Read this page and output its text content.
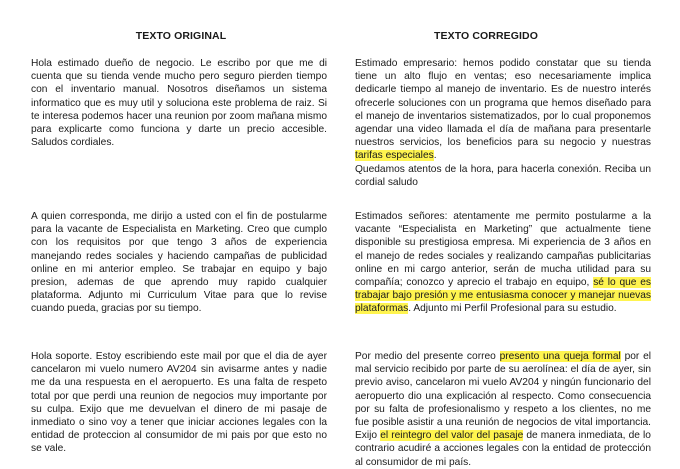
TEXTO ORIGINAL	TEXTO CORREGIDO

Hola estimado dueño de negocio. Le escribo por que me di cuenta que su tienda vende mucho pero seguro pierden tiempo con el inventario manual. Nosotros diseñamos un sistema informatico que es muy util y soluciona este problema de raiz. Si te interesa podemos hacer una reunion por zoom mañana mismo para explicarte como funciona y darte un precio accesible. Saludos cordiales.

Estimado empresario: hemos podido constatar que su tienda tiene un alto flujo en ventas; eso necesariamente implica dedicarle tiempo al manejo de inventario. Es de nuestro interés ofrecerle soluciones con un programa que hemos diseñado para el manejo de inventarios sistematizados, por lo cual proponemos agendar una video llamada el día de mañana para presentarle nuestros servicios, los beneficios para su negocio y nuestras tarifas especiales.
Quedamos atentos de la hora, para hacerla conexión. Reciba un cordial saludo

A quien corresponda, me dirijo a usted con el fin de postularme para la vacante de Especialista en Marketing. Creo que cumplo con los requisitos por que tengo 3 años de experiencia manejando redes sociales y haciendo campañas de publicidad online en mi anterior empleo. Se trabajar en equipo y bajo presion, ademas de que aprendo muy rapido cualquier plataforma. Adjunto mi Curriculum Vitae para que lo revise cuando pueda, gracias por su tiempo.

Estimados señores: atentamente me permito postularme a la vacante “Especialista en Marketing” que actualmente tiene disponible su prestigiosa empresa. Mi experiencia de 3 años en el manejo de redes sociales y realizando campañas publicitarias online en mi cargo anterior, serán de mucha utilidad para su compañía; conozco y aprecio el trabajo en equipo, sé lo que es trabajar bajo presión y me entusiasma conocer y manejar nuevas plataformas. Adjunto mi Perfil Profesional para su estudio.

Hola soporte. Estoy escribiendo este mail por que el dia de ayer cancelaron mi vuelo numero AV204 sin avisarme antes y nadie me da una respuesta en el aeropuerto. Es una falta de respeto total por que perdi una reunion de negocios muy importante por su culpa. Exijo que me devuelvan el dinero de mi pasaje de inmediato o sino voy a tener que iniciar acciones legales con la entidad de proteccion al consumidor de mi pais por que esto no se vale.

Por medio del presente correo presento una queja formal por el mal servicio recibido por parte de su aerolínea: el día de ayer, sin previo aviso, cancelaron mi vuelo AV204 y ningún funcionario del aeropuerto dio una explicación al respecto. Como consecuencia por su falta de profesionalismo y respeto a los clientes, no me fue posible asistir a una reunión de negocios de vital importancia. Exijo el reintegro del valor del pasaje de manera inmediata, de lo contrario acudiré a acciones legales con la entidad de protección al consumidor de mi país.
